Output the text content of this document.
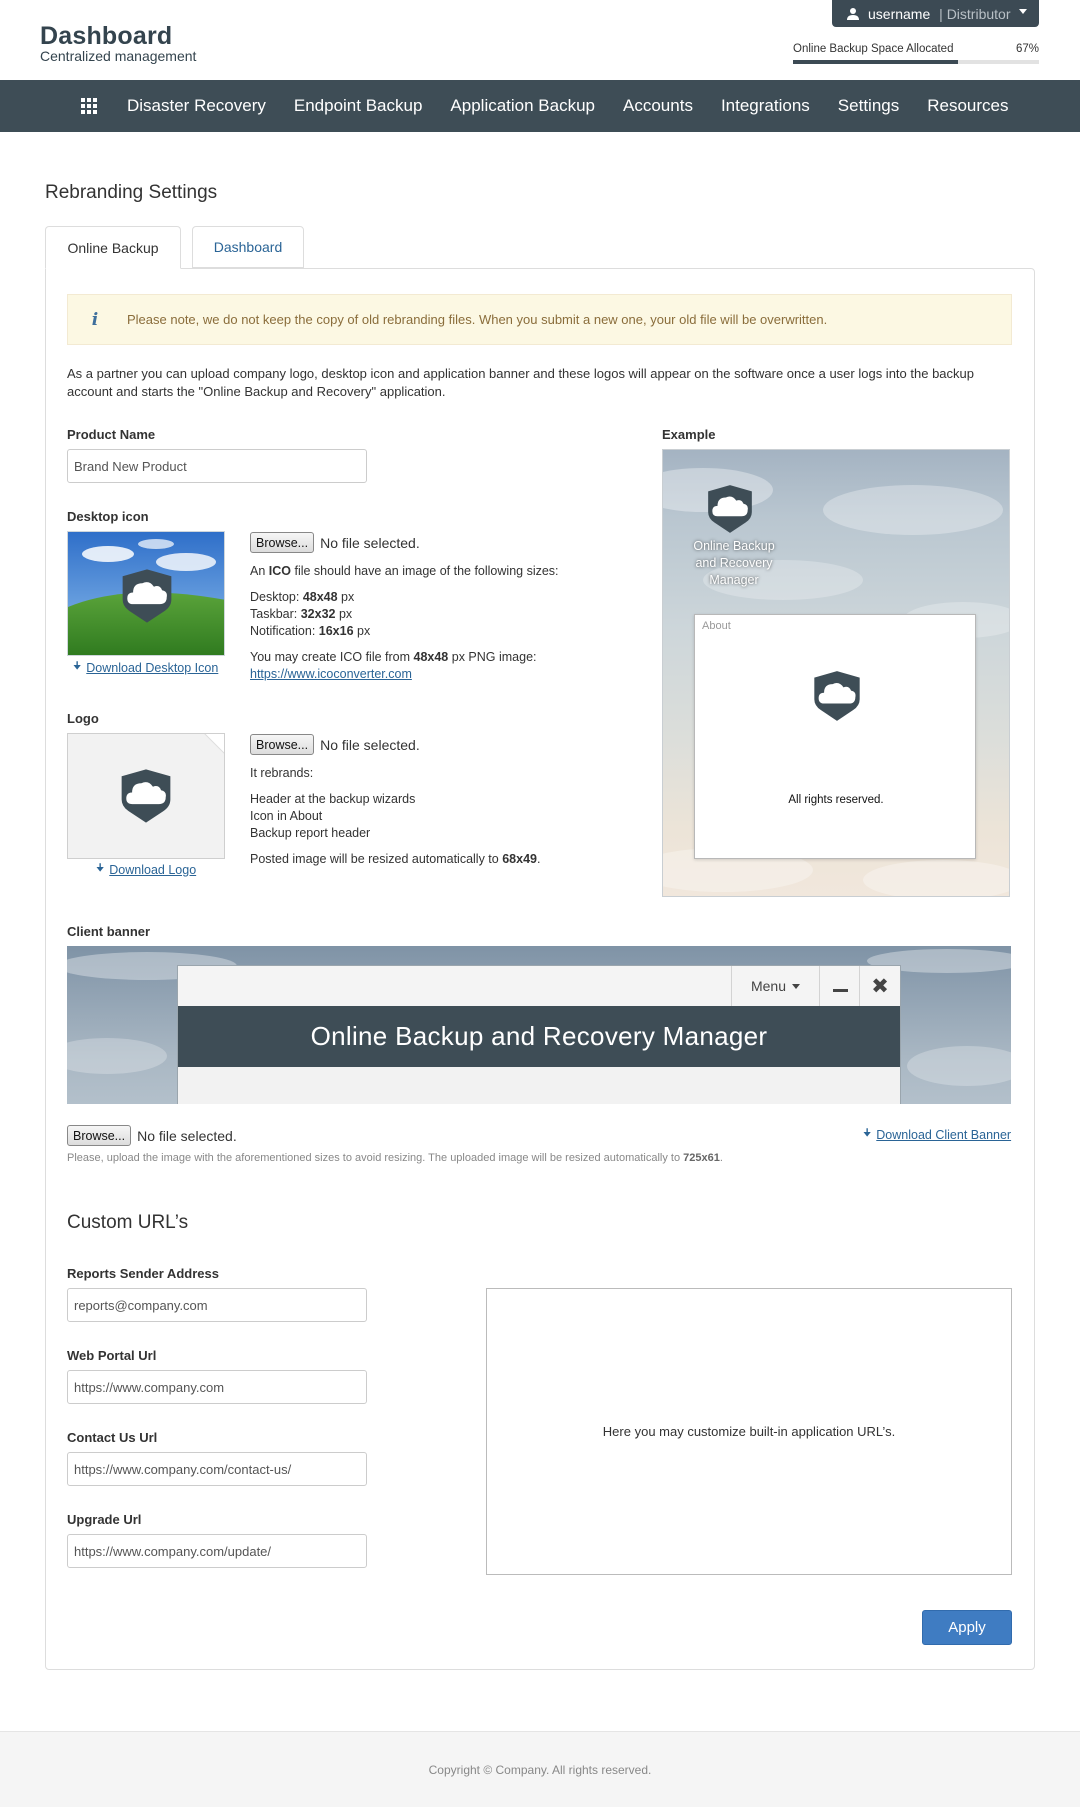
Dashboard
Centralized management
username | Distributor
Online Backup Space Allocated	67%
Disaster Recovery Endpoint Backup Application Backup Accounts Integrations Settings Resources
Rebranding Settings
Online Backup	Dashboard
i	Please note, we do not keep the copy of old rebranding files. When you submit a new one, your old file will be overwritten.
As a partner you can upload company logo, desktop icon and application banner and these logos will appear on the software once a user logs into the backup account and starts the "Online Backup and Recovery" application.
Product Name
Brand New Product
Desktop icon
🠋 Download Desktop Icon
Browse... No file selected.
An ICO file should have an image of the following sizes:
Desktop: 48x48 px
Taskbar: 32x32 px
Notification: 16x16 px
You may create ICO file from 48x48 px PNG image:
https://www.icoconverter.com
Logo
🠋 Download Logo
Browse... No file selected.
It rebrands:
Header at the backup wizards
Icon in About
Backup report header
Posted image will be resized automatically to 68x49.
Example
Online Backup and Recovery Manager
About
All rights reserved.
Client banner
Menu	✖
Online Backup and Recovery Manager
Browse... No file selected.	🠋 Download Client Banner
Please, upload the image with the aforementioned sizes to avoid resizing. The uploaded image will be resized automatically to 725x61.
Custom URL’s
Reports Sender Address
reports@company.com
Web Portal Url
https://www.company.com
Contact Us Url
https://www.company.com/contact-us/
Upgrade Url
https://www.company.com/update/
Here you may customize built-in application URL’s.
Apply
Copyright © Company. All rights reserved.
